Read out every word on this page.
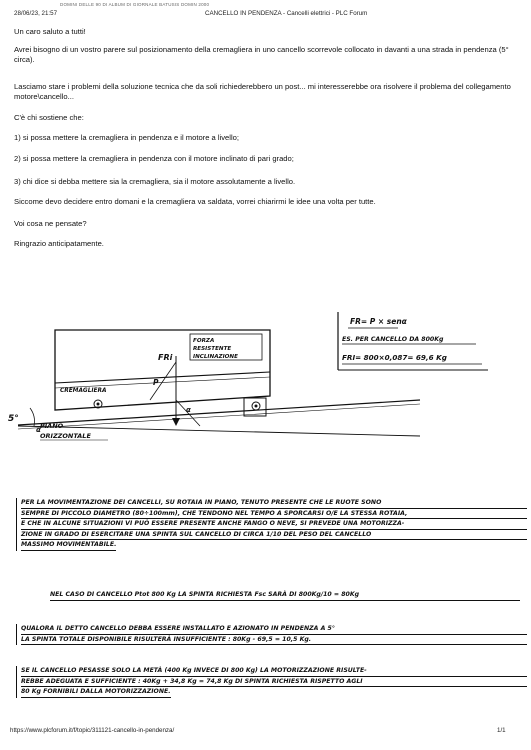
DOMINI DELLE 90 DI ALBUM DI GIORNALE BATUSIS DOMIN 2000
28/06/23, 21:57	CANCELLO IN PENDENZA - Cancelli elettrici - PLC Forum
Un caro saluto a tutti!
Avrei bisogno di un vostro parere sul posizionamento della cremagliera in uno cancello scorrevole collocato in davanti a una strada in pendenza (5° circa).
Lasciamo stare i problemi della soluzione tecnica che da soli richiederebbero un post... mi interesserebbe ora risolvere il problema del collegamento motore\cancello...
C'è chi sostiene che:
1) si possa mettere la cremagliera in pendenza e il motore a livello;
2) si possa mettere la cremagliera in pendenza con il motore inclinato di pari grado;
3) chi dice si debba mettere sia la cremagliera, sia il motore assolutamente a livello.
Siccome devo decidere entro domani e la cremagliera va saldata, vorrei chiarirmi le idee una volta per tutte.
Voi cosa ne pensate?
Ringrazio anticipatamente.
FR= P × senα
ES. PER CANCELLO DA 800Kg
FRI= 800×0,087= 69,6 Kg
FORZA
RESISTENTE
INCLINAZIONE
FRi
P
α
CREMAGLIERA
5°
α PIANO
ORIZZONTALE
PER LA MOVIMENTAZIONE DEI CANCELLI, SU ROTAIA IN PIANO, TENUTO PRESENTE CHE LE RUOTE SONO
SEMPRE DI PICCOLO DIAMETRO (80÷100mm), CHE TENDONO NEL TEMPO A SPORCARSI O/E LA STESSA ROTAIA,
E CHE IN ALCUNE SITUAZIONI VI PUÒ ESSERE PRESENTE ANCHE FANGO O NEVE, SI PREVEDE UNA MOTORIZZA-
ZIONE IN GRADO DI ESERCITARE UNA SPINTA SUL CANCELLO DI CIRCA 1/10 DEL PESO DEL CANCELLO
MASSIMO MOVIMENTABILE.
NEL CASO DI CANCELLO Ptot 800 Kg LA SPINTA RICHIESTA Fsc SARÀ DI 800Kg/10 = 80Kg
QUALORA IL DETTO CANCELLO DEBBA ESSERE INSTALLATO E AZIONATO IN PENDENZA A 5°
LA SPINTA TOTALE DISPONIBILE RISULTERÀ INSUFFICIENTE : 80Kg - 69,5 = 10,5 Kg.
SE IL CANCELLO PESASSE SOLO LA METÀ (400 Kg INVECE DI 800 Kg) LA MOTORIZZAZIONE RISULTE-
REBBE ADEGUATA E SUFFICIENTE : 40Kg + 34,8 Kg = 74,8 Kg DI SPINTA RICHIESTA RISPETTO AGLI
80 Kg FORNIBILI DALLA MOTORIZZAZIONE.
https://www.plcforum.it/f/topic/311121-cancello-in-pendenza/	1/1
